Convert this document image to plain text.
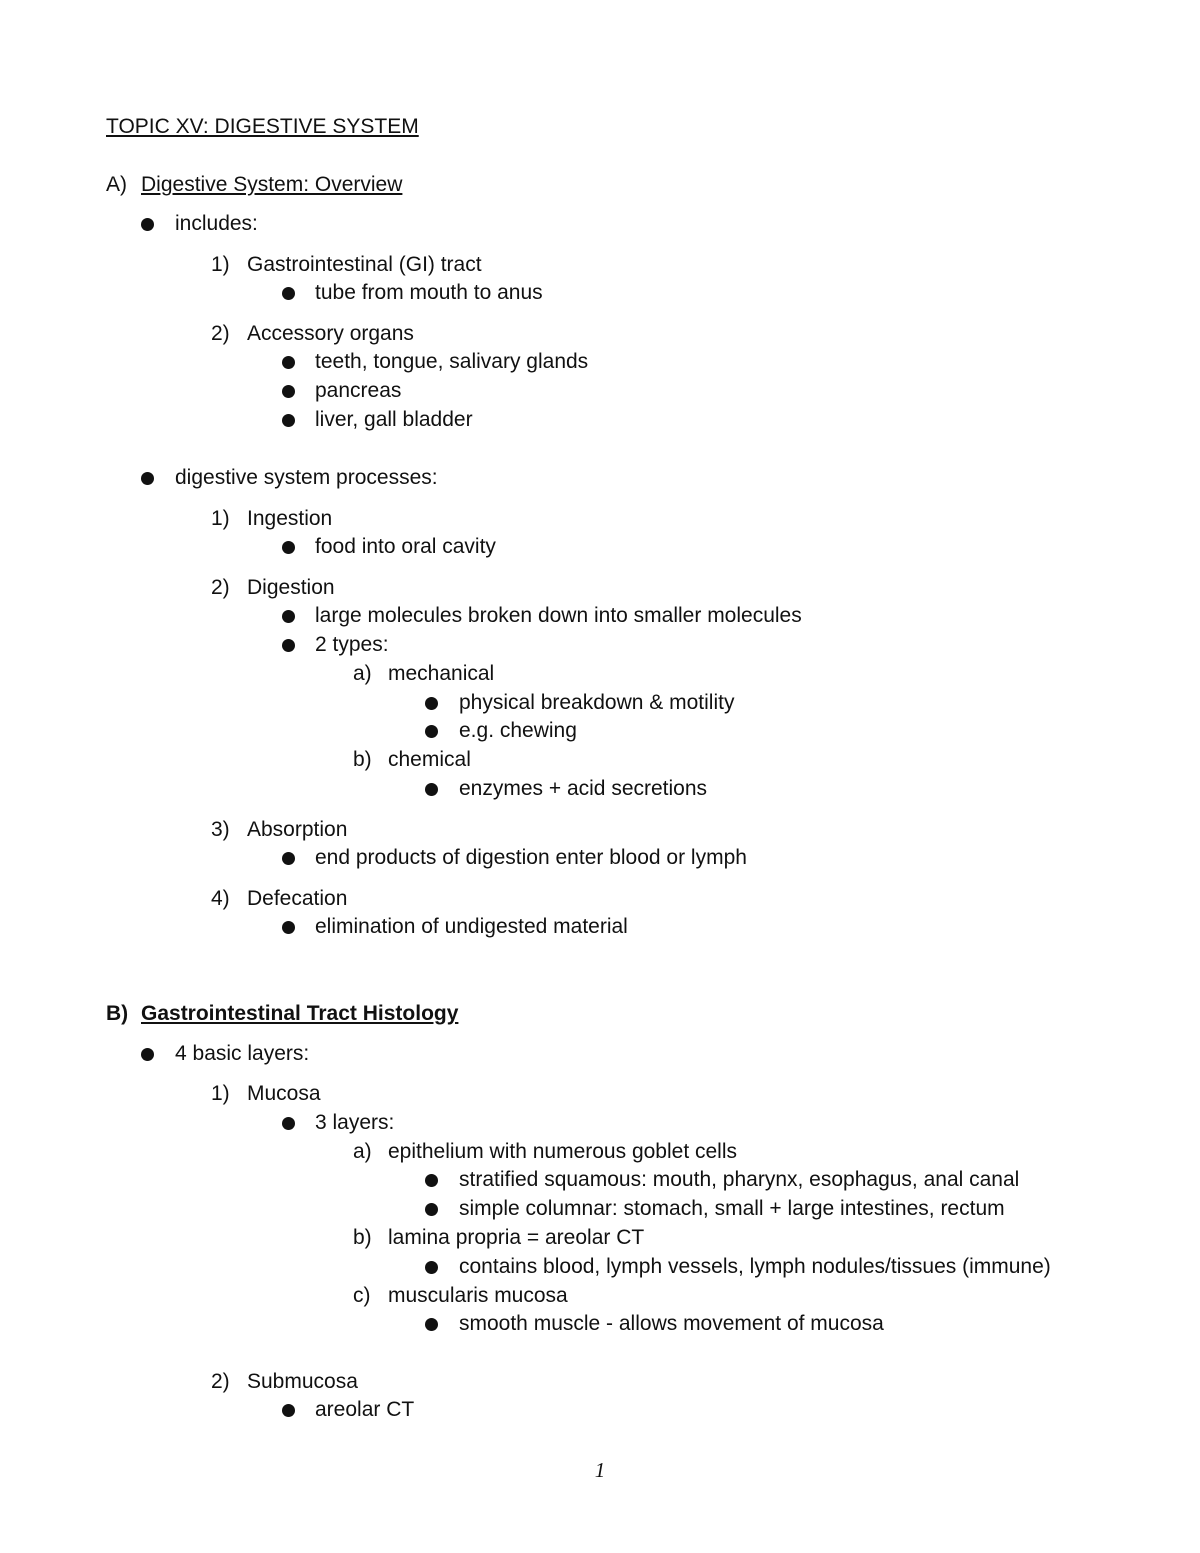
TOPIC XV: DIGESTIVE SYSTEM
A) Digestive System: Overview
includes:
1) Gastrointestinal (GI) tract
tube from mouth to anus
2) Accessory organs
teeth, tongue, salivary glands
pancreas
liver, gall bladder
digestive system processes:
1) Ingestion
food into oral cavity
2) Digestion
large molecules broken down into smaller molecules
2 types:
a) mechanical
physical breakdown & motility
e.g. chewing
b) chemical
enzymes + acid secretions
3) Absorption
end products of digestion enter blood or lymph
4) Defecation
elimination of undigested material
B) Gastrointestinal Tract Histology
4 basic layers:
1) Mucosa
3 layers:
a) epithelium with numerous goblet cells
stratified squamous: mouth, pharynx, esophagus, anal canal
simple columnar: stomach, small + large intestines, rectum
b) lamina propria = areolar CT
contains blood, lymph vessels, lymph nodules/tissues (immune)
c) muscularis mucosa
smooth muscle - allows movement of mucosa
2) Submucosa
areolar CT
1
